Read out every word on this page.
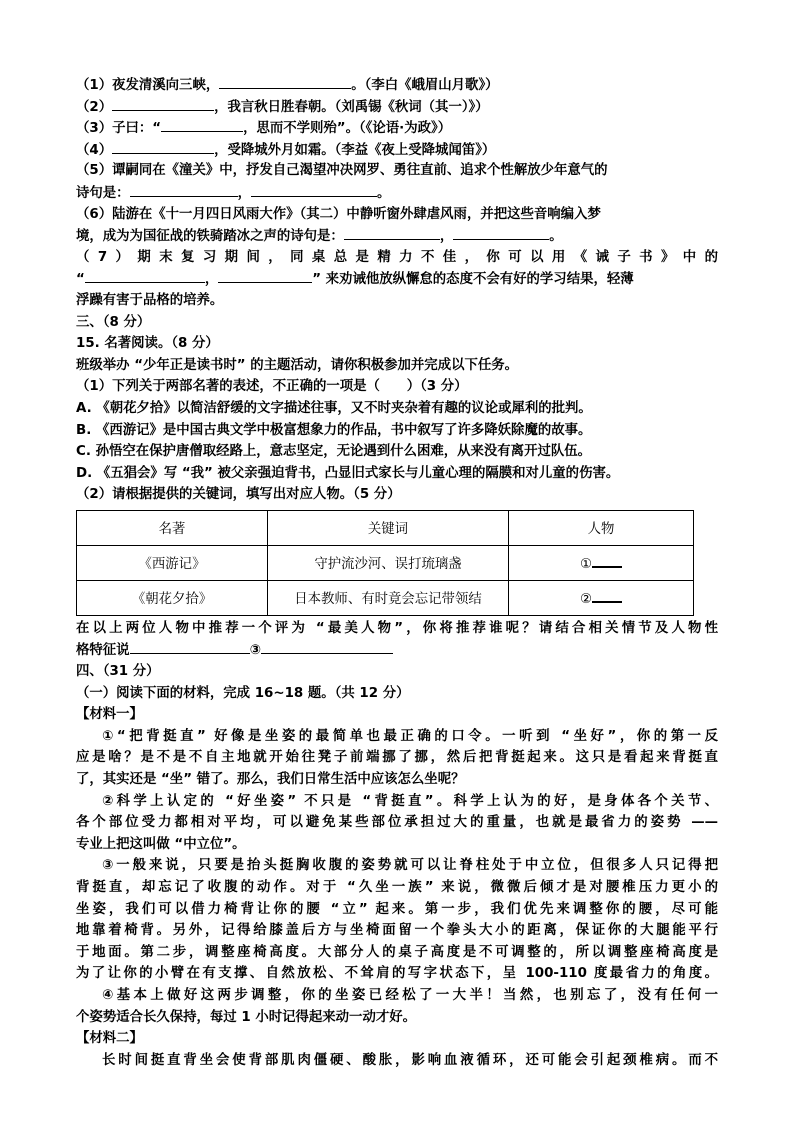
（1）夜发清溪向三峡，	。（李白《峨眉山月歌》）
（2）	，我言秋日胜春朝。（刘禹锡《秋词（其一）》）
（3）子曰：“	，思而不学则殆”。（《论语·为政》）
（4）	，受降城外月如霜。（李益《夜上受降城闻笛》）
（5）谭嗣同在《潼关》中，抒发自己渴望冲决网罗、勇往直前、追求个性解放少年意气的
诗句是：	，	。
（6）陆游在《十一月四日风雨大作》（其二）中静听窗外肆虐风雨，并把这些音响编入梦
境，成为为国征战的铁骑踏冰之声的诗句是：	，	。
（7）期末复习期间，同桌总是精力不佳，你可以用《诫子书》中的
“	，	” 来劝诫他放纵懈怠的态度不会有好的学习结果，轻薄
浮躁有害于品格的培养。
三、（8 分）
15. 名著阅读。（8 分）
班级举办 “少年正是读书时” 的主题活动，请你积极参加并完成以下任务。
（1）下列关于两部名著的表述，不正确的一项是（　　）（3 分）
A. 《朝花夕拾》以简洁舒缓的文字描述往事，又不时夹杂着有趣的议论或犀利的批判。
B. 《西游记》是中国古典文学中极富想象力的作品，书中叙写了许多降妖除魔的故事。
C. 孙悟空在保护唐僧取经路上，意志坚定，无论遇到什么困难，从来没有离开过队伍。
D. 《五猖会》写 “我” 被父亲强迫背书，凸显旧式家长与儿童心理的隔膜和对儿童的伤害。
（2）请根据提供的关键词，填写出对应人物。（5 分）
名著	关键词	人物
《西游记》	守护流沙河、误打琉璃盏	①
《朝花夕拾》	日本教师、有时竟会忘记带领结	②
在以上两位人物中推荐一个评为 “最美人物”，你将推荐谁呢？请结合相关情节及人物性
格特征说	③
四、（31 分）
（一）阅读下面的材料，完成 16~18 题。（共 12 分）
【材料一】
①“把背挺直” 好像是坐姿的最简单也最正确的口令。一听到 “坐好”，你的第一反
应是啥？是不是不自主地就开始往凳子前端挪了挪，然后把背挺起来。这只是看起来背挺直
了，其实还是 “坐” 错了。那么，我们日常生活中应该怎么坐呢？
②科学上认定的 “好坐姿” 不只是 “背挺直”。科学上认为的好，是身体各个关节、
各个部位受力都相对平均，可以避免某些部位承担过大的重量，也就是最省力的姿势 ——
专业上把这叫做 “中立位”。
③一般来说，只要是抬头挺胸收腹的姿势就可以让脊柱处于中立位，但很多人只记得把
背挺直，却忘记了收腹的动作。对于 “久坐一族” 来说，微微后倾才是对腰椎压力更小的
坐姿，我们可以借力椅背让你的腰 “立” 起来。第一步，我们优先来调整你的腰，尽可能
地靠着椅背。另外，记得给膝盖后方与坐椅面留一个拳头大小的距离，保证你的大腿能平行
于地面。第二步，调整座椅高度。大部分人的桌子高度是不可调整的，所以调整座椅高度是
为了让你的小臂在有支撑、自然放松、不耸肩的写字状态下，呈 100-110 度最省力的角度。
④基本上做好这两步调整，你的坐姿已经松了一大半！当然，也别忘了，没有任何一
个姿势适合长久保持，每过 1 小时记得起来动一动才好。
【材料二】
长时间挺直背坐会使背部肌肉僵硬、酸胀，影响血液循环，还可能会引起颈椎病。而不
